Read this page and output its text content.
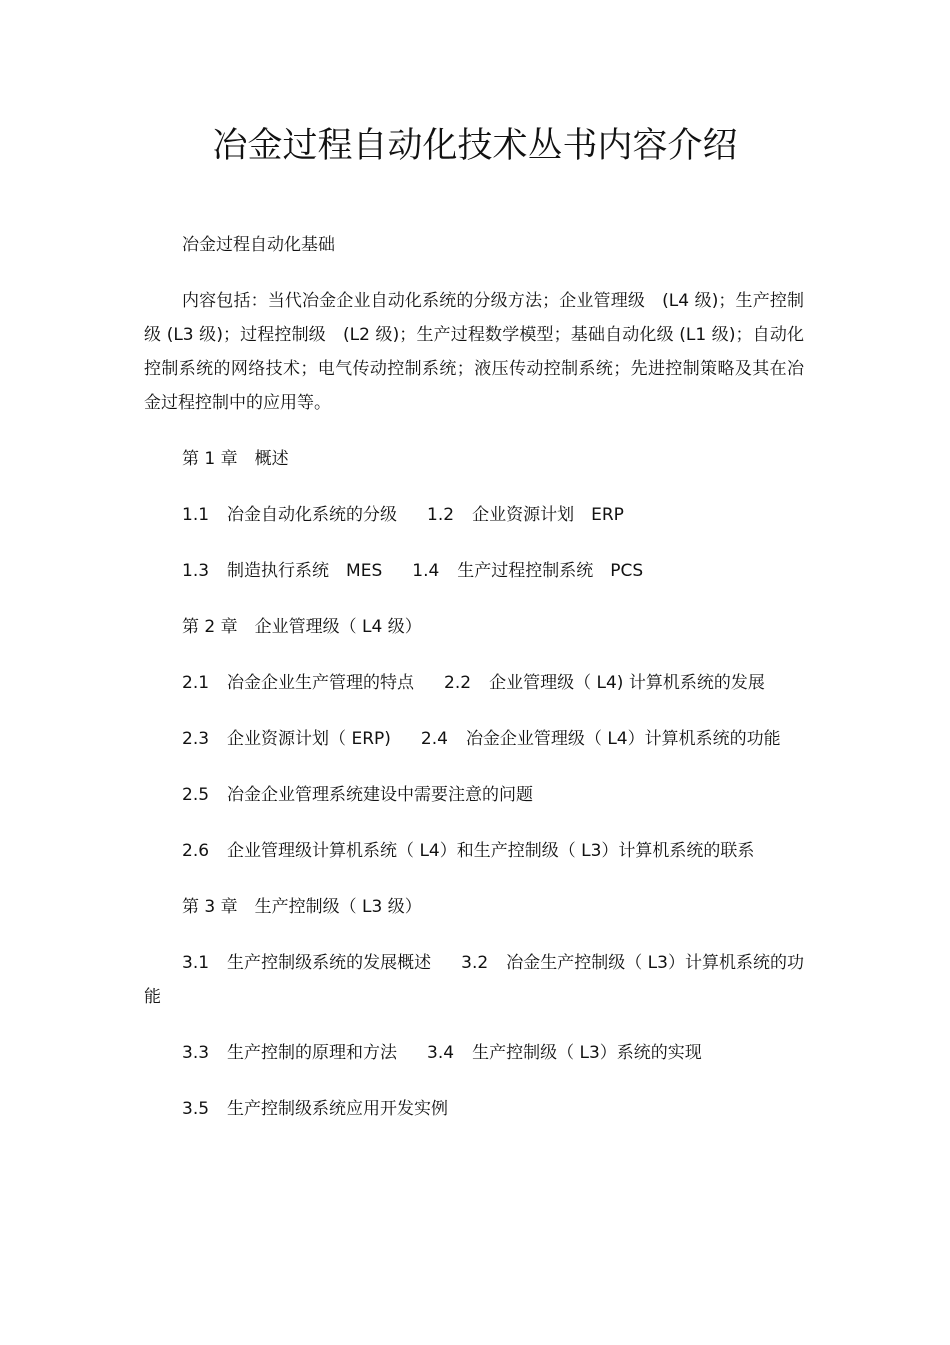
冶金过程自动化技术丛书内容介绍

冶金过程自动化基础

内容包括：当代冶金企业自动化系统的分级方法；企业管理级　(L4 级)；生产控制级 (L3 级)；过程控制级　(L2 级)；生产过程数学模型；基础自动化级 (L1 级)；自动化控制系统的网络技术；电气传动控制系统；液压传动控制系统；先进控制策略及其在冶金过程控制中的应用等。

第 1 章　概述

1.1 冶金自动化系统的分级 1.2 企业资源计划　ERP

1.3 制造执行系统　MES 1.4 生产过程控制系统　PCS

第 2 章　企业管理级（ L4 级）

2.1 冶金企业生产管理的特点 2.2 企业管理级（ L4) 计算机系统的发展

2.3 企业资源计划（ ERP) 2.4 冶金企业管理级（ L4）计算机系统的功能

2.5 冶金企业管理系统建设中需要注意的问题

2.6 企业管理级计算机系统（ L4）和生产控制级（ L3）计算机系统的联系

第 3 章　生产控制级（ L3 级）

3.1 生产控制级系统的发展概述 3.2 冶金生产控制级（ L3）计算机系统的功能

3.3 生产控制的原理和方法 3.4 生产控制级（ L3）系统的实现

3.5 生产控制级系统应用开发实例
